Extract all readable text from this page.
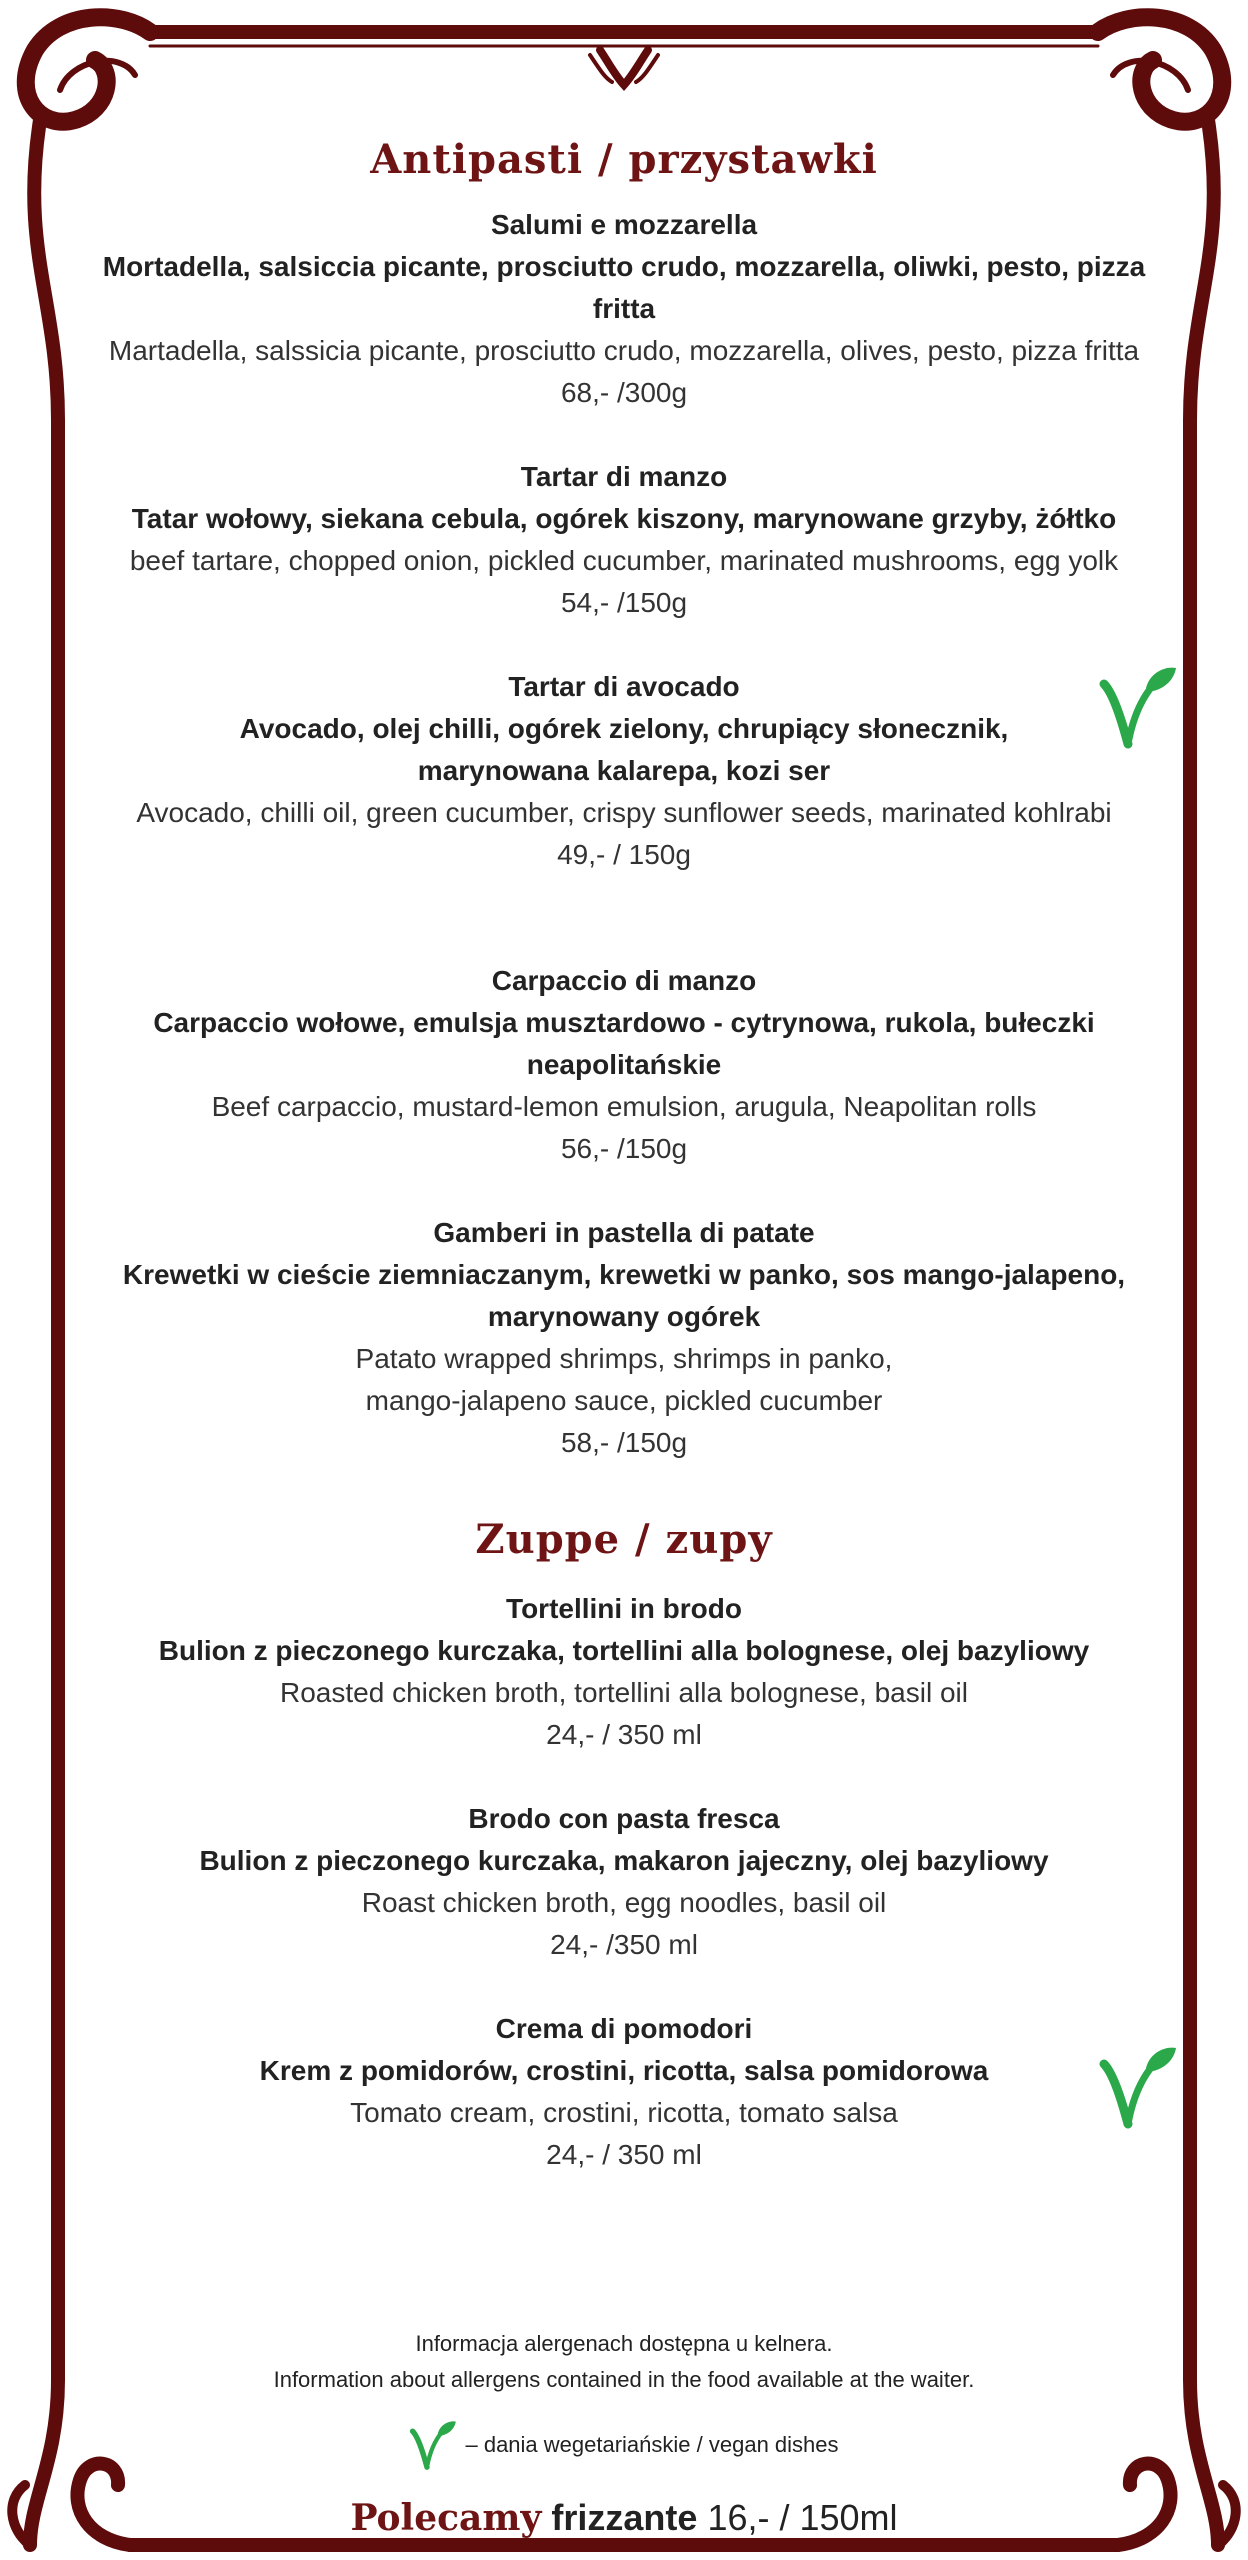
Antipasti / przystawki
Salumi e mozzarella
Mortadella, salsiccia picante, prosciutto crudo, mozzarella, oliwki, pesto, pizza fritta
Martadella, salssicia picante, prosciutto crudo, mozzarella, olives, pesto, pizza fritta
68,- /300g
Tartar di manzo
Tatar wołowy, siekana cebula, ogórek kiszony, marynowane grzyby, żółtko
beef tartare, chopped onion, pickled cucumber, marinated mushrooms, egg yolk
54,- /150g
Tartar di avocado
Avocado, olej chilli, ogórek zielony, chrupiący słonecznik,
marynowana kalarepa, kozi ser
Avocado, chilli oil, green cucumber, crispy sunflower seeds, marinated kohlrabi
49,- / 150g
Carpaccio di manzo
Carpaccio wołowe, emulsja musztardowo - cytrynowa, rukola, bułeczki neapolitańskie
Beef carpaccio, mustard-lemon emulsion, arugula, Neapolitan rolls
56,- /150g
Gamberi in pastella di patate
Krewetki w cieście ziemniaczanym, krewetki w panko, sos mango-jalapeno,
marynowany ogórek
Patato wrapped shrimps, shrimps in panko,
mango-jalapeno sauce, pickled cucumber
58,- /150g
Zuppe / zupy
Tortellini in brodo
Bulion z pieczonego kurczaka, tortellini alla bolognese, olej bazyliowy
Roasted chicken broth, tortellini alla bolognese, basil oil
24,- / 350 ml
Brodo con pasta fresca
Bulion z pieczonego kurczaka, makaron jajeczny, olej bazyliowy
Roast chicken broth, egg noodles, basil oil
24,- /350 ml
Crema di pomodori
Krem z pomidorów, crostini, ricotta, salsa pomidorowa
Tomato cream, crostini, ricotta, tomato salsa
24,- / 350 ml
Informacja alergenach dostępna u kelnera.
Information about allergens contained in the food available at the waiter.
– dania wegetariańskie / vegan dishes
Polecamy frizzante 16,- / 150ml
